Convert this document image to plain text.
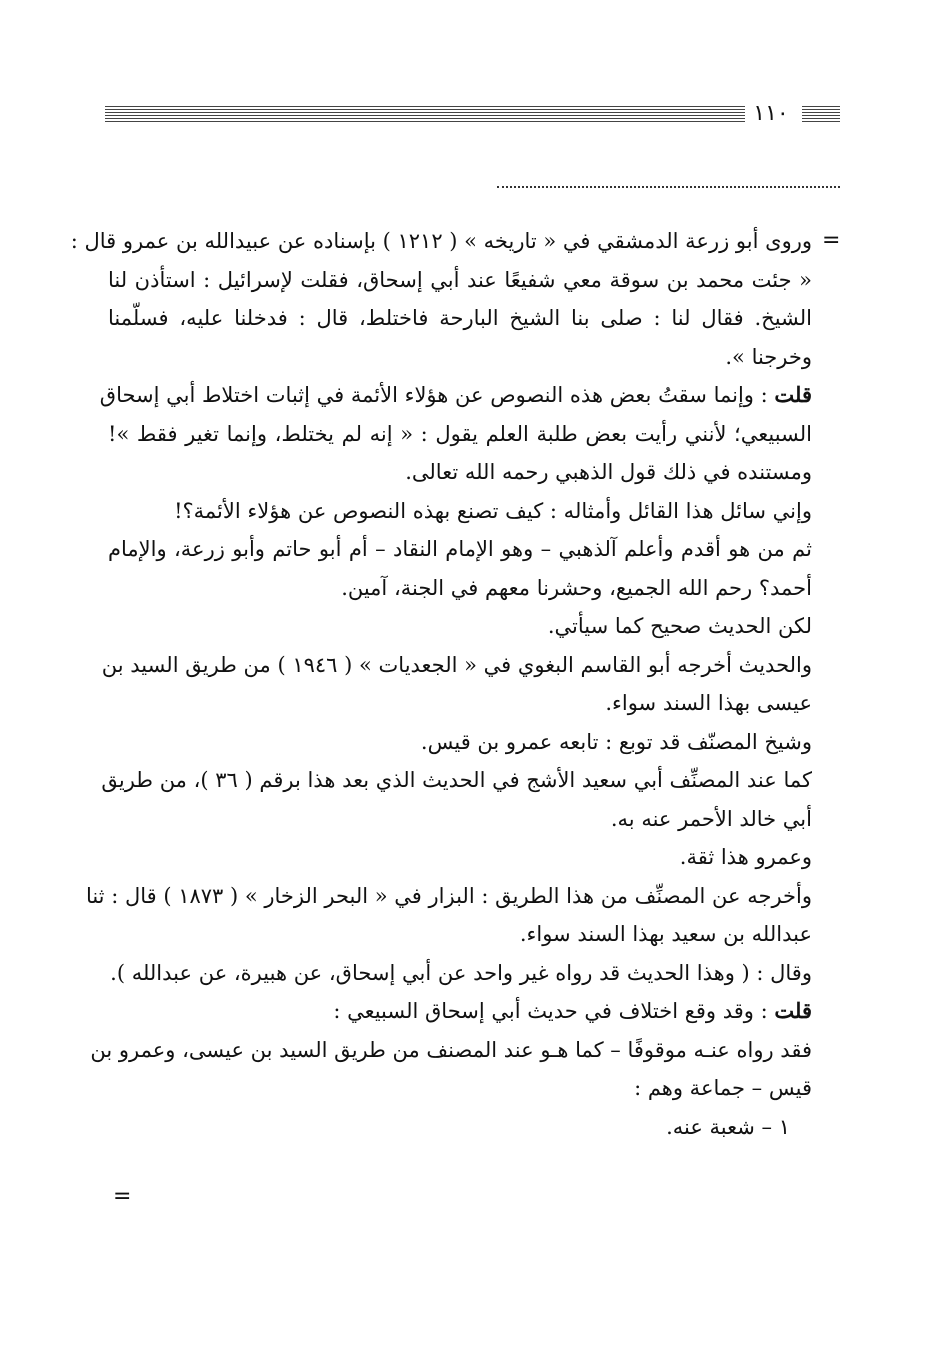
١١٠
=
=
وروى أبو زرعة الدمشقي في « تاريخه » ( ١٢١٢ ) بإسناده عن عبيدالله بن عمرو قال :
« جئت محمد بن سوقة معي شفيعًا عند أبي إسحاق، فقلت لإسرائيل : استأذن لنا
الشيخ. فقال لنا : صلى بنا الشيخ البارحة فاختلط، قال : فدخلنا عليه، فسلّمنا
وخرجنا ».
قلت : وإنما سقتُ بعض هذه النصوص عن هؤلاء الأئمة في إثبات اختلاط أبي إسحاق
السبيعي؛ لأنني رأيت بعض طلبة العلم يقول : « إنه لم يختلط، وإنما تغير فقط »!
ومستنده في ذلك قول الذهبي رحمه الله تعالى.
وإني سائل هذا القائل وأمثاله : كيف تصنع بهذه النصوص عن هؤلاء الأئمة؟!
ثم من هو أقدم وأعلم آلذهبي – وهو الإمام النقاد – أم أبو حاتم وأبو زرعة، والإمام
أحمد؟ رحم الله الجميع، وحشرنا معهم في الجنة، آمين.
لكن الحديث صحيح كما سيأتي.
والحديث أخرجه أبو القاسم البغوي في « الجعديات » ( ١٩٤٦ ) من طريق السيد بن
عيسى بهذا السند سواء.
وشيخ المصنّف قد توبع : تابعه عمرو بن قيس.
كما عند المصنِّف أبي سعيد الأشج في الحديث الذي بعد هذا برقم ( ٣٦ )، من طريق
أبي خالد الأحمر عنه به.
وعمرو هذا ثقة.
وأخرجه عن المصنِّف من هذا الطريق : البزار في « البحر الزخار » ( ١٨٧٣ ) قال : ثنا
عبدالله بن سعيد بهذا السند سواء.
وقال : ( وهذا الحديث قد رواه غير واحد عن أبي إسحاق، عن هبيرة، عن عبدالله ).
قلت : وقد وقع اختلاف في حديث أبي إسحاق السبيعي :
فقد رواه عنـه موقوفًا – كما هـو عند المصنف من طريق السيد بن عيسى، وعمرو بن
قيس – جماعة وهم :
١ – شعبة عنه.
